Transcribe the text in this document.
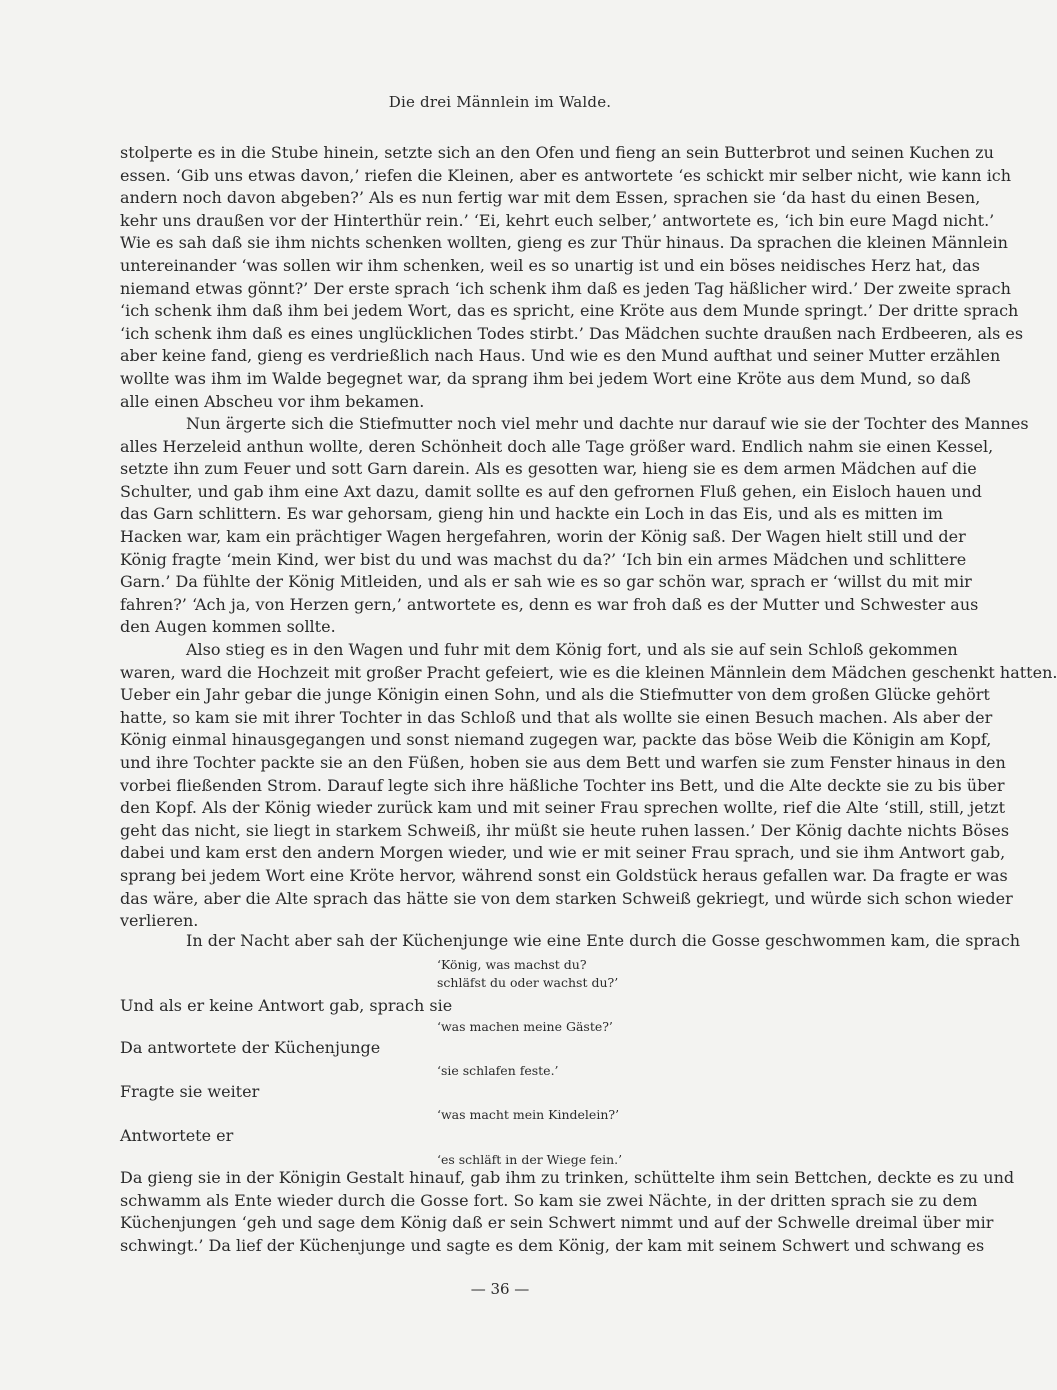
Die drei Männlein im Walde.
stolperte es in die Stube hinein, setzte sich an den Ofen und fieng an sein Butterbrot und seinen Kuchen zu
essen. ‘Gib uns etwas davon,’ riefen die Kleinen, aber es antwortete ‘es schickt mir selber nicht, wie kann ich
andern noch davon abgeben?’ Als es nun fertig war mit dem Essen, sprachen sie ‘da hast du einen Besen,
kehr uns draußen vor der Hinterthür rein.’ ‘Ei, kehrt euch selber,’ antwortete es, ‘ich bin eure Magd nicht.’
Wie es sah daß sie ihm nichts schenken wollten, gieng es zur Thür hinaus. Da sprachen die kleinen Männlein
untereinander ‘was sollen wir ihm schenken, weil es so unartig ist und ein böses neidisches Herz hat, das
niemand etwas gönnt?’ Der erste sprach ‘ich schenk ihm daß es jeden Tag häßlicher wird.’ Der zweite sprach
‘ich schenk ihm daß ihm bei jedem Wort, das es spricht, eine Kröte aus dem Munde springt.’ Der dritte sprach
‘ich schenk ihm daß es eines unglücklichen Todes stirbt.’ Das Mädchen suchte draußen nach Erdbeeren, als es
aber keine fand, gieng es verdrießlich nach Haus. Und wie es den Mund aufthat und seiner Mutter erzählen
wollte was ihm im Walde begegnet war, da sprang ihm bei jedem Wort eine Kröte aus dem Mund, so daß
alle einen Abscheu vor ihm bekamen.
Nun ärgerte sich die Stiefmutter noch viel mehr und dachte nur darauf wie sie der Tochter des Mannes
alles Herzeleid anthun wollte, deren Schönheit doch alle Tage größer ward. Endlich nahm sie einen Kessel,
setzte ihn zum Feuer und sott Garn darein. Als es gesotten war, hieng sie es dem armen Mädchen auf die
Schulter, und gab ihm eine Axt dazu, damit sollte es auf den gefrornen Fluß gehen, ein Eisloch hauen und
das Garn schlittern. Es war gehorsam, gieng hin und hackte ein Loch in das Eis, und als es mitten im
Hacken war, kam ein prächtiger Wagen hergefahren, worin der König saß. Der Wagen hielt still und der
König fragte ‘mein Kind, wer bist du und was machst du da?’ ‘Ich bin ein armes Mädchen und schlittere
Garn.’ Da fühlte der König Mitleiden, und als er sah wie es so gar schön war, sprach er ‘willst du mit mir
fahren?’ ‘Ach ja, von Herzen gern,’ antwortete es, denn es war froh daß es der Mutter und Schwester aus
den Augen kommen sollte.
Also stieg es in den Wagen und fuhr mit dem König fort, und als sie auf sein Schloß gekommen
waren, ward die Hochzeit mit großer Pracht gefeiert, wie es die kleinen Männlein dem Mädchen geschenkt hatten.
Ueber ein Jahr gebar die junge Königin einen Sohn, und als die Stiefmutter von dem großen Glücke gehört
hatte, so kam sie mit ihrer Tochter in das Schloß und that als wollte sie einen Besuch machen. Als aber der
König einmal hinausgegangen und sonst niemand zugegen war, packte das böse Weib die Königin am Kopf,
und ihre Tochter packte sie an den Füßen, hoben sie aus dem Bett und warfen sie zum Fenster hinaus in den
vorbei fließenden Strom. Darauf legte sich ihre häßliche Tochter ins Bett, und die Alte deckte sie zu bis über
den Kopf. Als der König wieder zurück kam und mit seiner Frau sprechen wollte, rief die Alte ‘still, still, jetzt
geht das nicht, sie liegt in starkem Schweiß, ihr müßt sie heute ruhen lassen.’ Der König dachte nichts Böses
dabei und kam erst den andern Morgen wieder, und wie er mit seiner Frau sprach, und sie ihm Antwort gab,
sprang bei jedem Wort eine Kröte hervor, während sonst ein Goldstück heraus gefallen war. Da fragte er was
das wäre, aber die Alte sprach das hätte sie von dem starken Schweiß gekriegt, und würde sich schon wieder
verlieren.
In der Nacht aber sah der Küchenjunge wie eine Ente durch die Gosse geschwommen kam, die sprach
‘König, was machst du?
schläfst du oder wachst du?’
Und als er keine Antwort gab, sprach sie
‘was machen meine Gäste?’
Da antwortete der Küchenjunge
‘sie schlafen feste.’
Fragte sie weiter
‘was macht mein Kindelein?’
Antwortete er
‘es schläft in der Wiege fein.’
Da gieng sie in der Königin Gestalt hinauf, gab ihm zu trinken, schüttelte ihm sein Bettchen, deckte es zu und
schwamm als Ente wieder durch die Gosse fort. So kam sie zwei Nächte, in der dritten sprach sie zu dem
Küchenjungen ‘geh und sage dem König daß er sein Schwert nimmt und auf der Schwelle dreimal über mir
schwingt.’ Da lief der Küchenjunge und sagte es dem König, der kam mit seinem Schwert und schwang es
— 36 —
